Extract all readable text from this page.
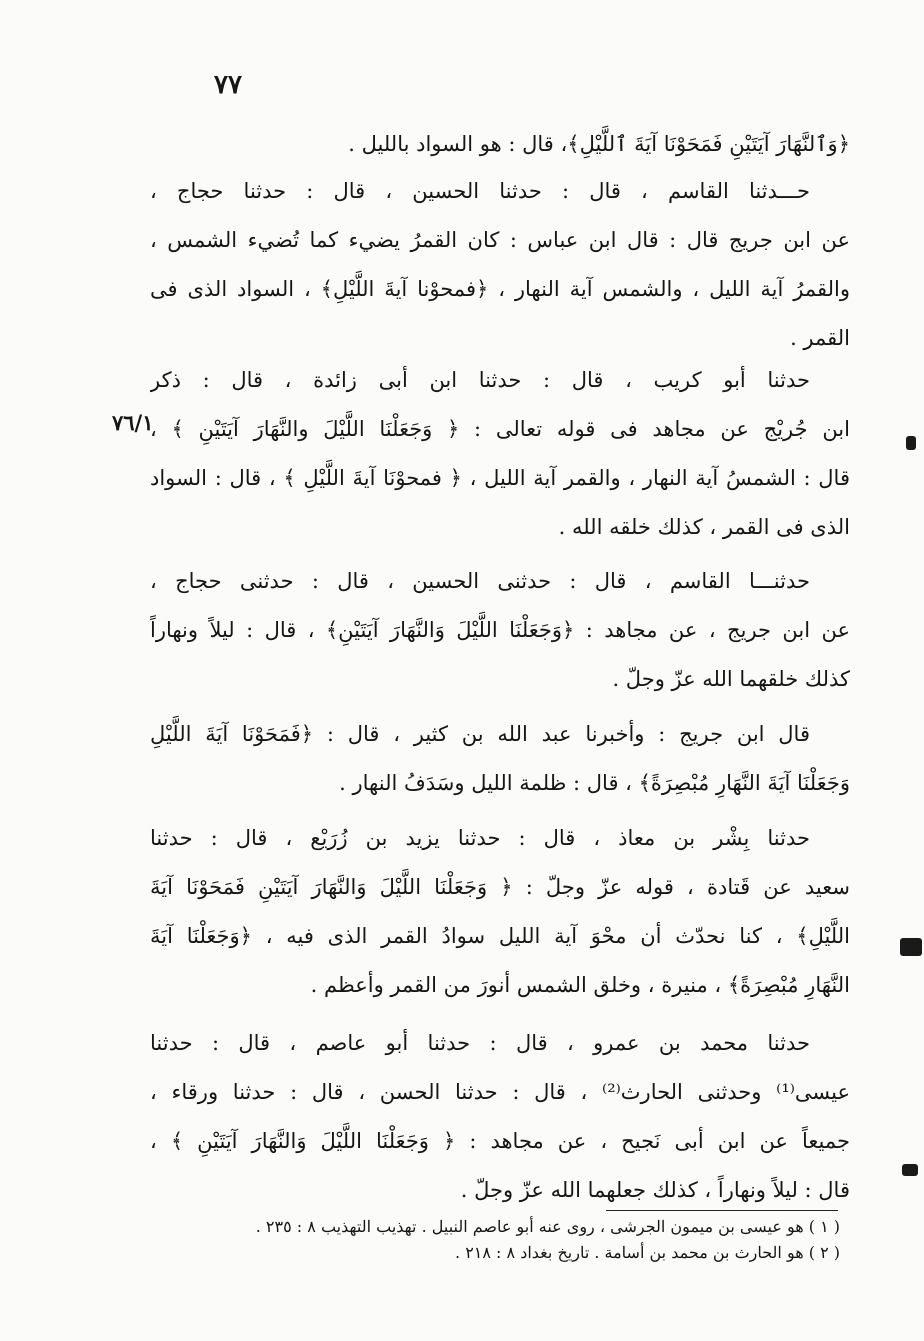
٧٧
٧٦/١
﴿وَٱلنَّهَارَ آيَتَيْنِ فَمَحَوْنَا آيَةَ ٱللَّيْلِ﴾، قال : هو السواد بالليل .
حـــدثنا القاسم ، قال : حدثنا الحسين ، قال : حدثنا حجاج ،
عن ابن جريج قال : قال ابن عباس : كان القمرُ يضيء كما تُضيء الشمس ،
والقمرُ آية الليل ، والشمس آية النهار ، ﴿فمحوْنا آيةَ اللَّيْلِ﴾ ، السواد الذى فى
القمر .
حدثنا أبو كريب ، قال : حدثنا ابن أبى زائدة ، قال : ذكر
ابن جُريْج عن مجاهد فى قوله تعالى : ﴿ وَجَعَلْنَا اللَّيْلَ والنَّهَارَ آيَتَيْنِ ﴾ ،
قال : الشمسُ آية النهار ، والقمر آية الليل ، ﴿ فمحوْنَا آيةَ اللَّيْلِ ﴾ ، قال : السواد
الذى فى القمر ، كذلك خلقه الله .
حدثنـــا القاسم ، قال : حدثنى الحسين ، قال : حدثنى حجاج ،
عن ابن جريج ، عن مجاهد : ﴿وَجَعَلْنَا اللَّيْلَ وَالنَّهَارَ آيَتَيْنِ﴾ ، قال : ليلاً ونهاراً
كذلك خلقهما الله عزّ وجلّ .
قال ابن جريج : وأخبرنا عبد الله بن كثير ، قال : ﴿فَمَحَوْنَا آيَةَ اللَّيْلِ
وَجَعَلْنَا آيَةَ النَّهَارِ مُبْصِرَةً﴾ ، قال : ظلمة الليل وسَدَفُ النهار .
حدثنا بِشْر بن معاذ ، قال : حدثنا يزيد بن زُرَيْع ، قال : حدثنا
سعيد عن قَتادة ، قوله عزّ وجلّ : ﴿ وَجَعَلْنَا اللَّيْلَ وَالنَّهَارَ آيَتَيْنِ فَمَحَوْنَا آيَةَ
اللَّيْلِ﴾ ، كنا نحدّث أن محْوَ آية الليل سوادُ القمر الذى فيه ، ﴿وَجَعَلْنَا آيَةَ
النَّهَارِ مُبْصِرَةً﴾ ، منيرة ، وخلق الشمس أنورَ من القمر وأعظم .
حدثنا محمد بن عمرو ، قال : حدثنا أبو عاصم ، قال : حدثنا
عيسى⁽¹⁾ وحدثنى الحارث⁽²⁾ ، قال : حدثنا الحسن ، قال : حدثنا ورقاء ،
جميعاً عن ابن أبى نَجيح ، عن مجاهد : ﴿ وَجَعَلْنَا اللَّيْلَ وَالنَّهَارَ آيَتَيْنِ ﴾ ،
قال : ليلاً ونهاراً ، كذلك جعلهما الله عزّ وجلّ .
( ١ ) هو عيسى بن ميمون الجرشى ، روى عنه أبو عاصم النبيل . تهذيب التهذيب ٨ : ٢٣٥ .
( ٢ ) هو الحارث بن محمد بن أسامة . تاريخ بغداد ٨ : ٢١٨ .
